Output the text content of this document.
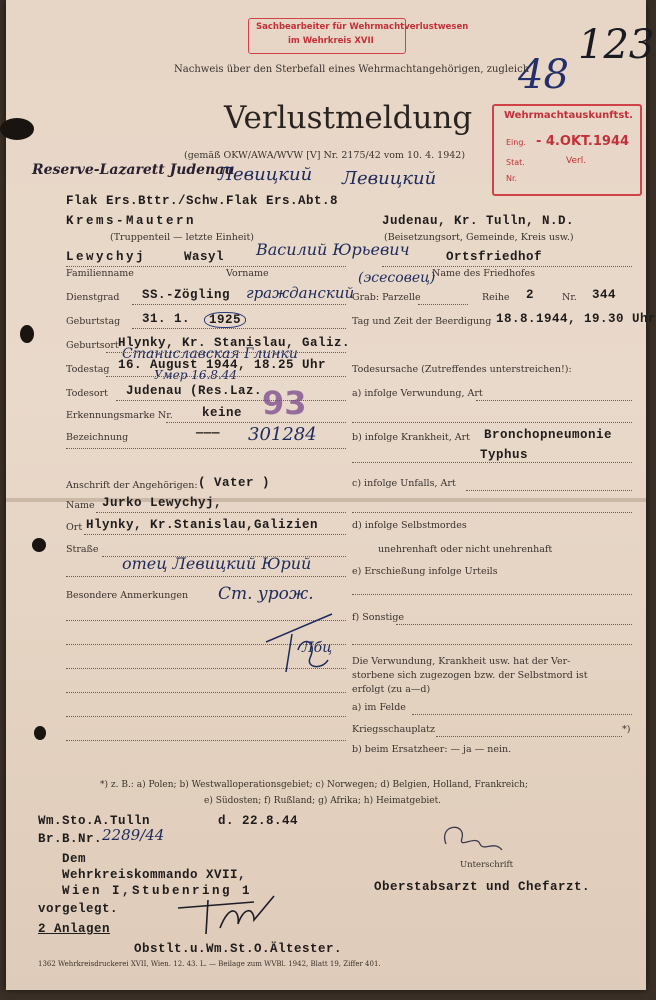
Sachbearbeiter für Wehrmachtverlustwesen
im Wehrkreis XVII
48
123
Nachweis über den Sterbefall eines Wehrmachtangehörigen, zugleich
Verlustmeldung
(gemäß OKW/AWA/WVW [V] Nr. 2175/42 vom 10. 4. 1942)
Wehrmachtauskunftst.
Eing. - 4.OKT.1944
Stat.	Verl.
Nr.
Reserve-Lazarett Judenau
Левицкий Левицкий
Flak Ers.Bttr./Schw.Flak Ers.Abt.8
Krems-Mautern
(Truppenteil — letzte Einheit)
Judenau, Kr. Tulln, N.D.
(Beisetzungsort, Gemeinde, Kreis usw.)
Lewychyj	Wasyl Василий Юрьевич	Ortsfriedhof
Familienname	Vorname	Name des Friedhofes
Dienstgrad SS.-Zögling гражданский
(эсесовец)
Grab: Parzelle	Reihe 2	Nr. 344
Geburtstag 31. 1.	1925	Tag und Zeit der Beerdigung 18.8.1944, 19.30 Uhr
Geburtsort Hlynky, Kr. Stanislau, Galiz.
Станиславская Глинки
Todestag 16. August 1944, 18.25 Uhr
Умер 16.8.44	Todesursache (Zutreffendes unterstreichen!):
Todesort Judenau (Res.Laz.	a) infolge Verwundung, Art
Erkennungsmarke Nr. keine 93
Bezeichnung	——— 301284	b) infolge Krankheit, Art Bronchopneumonie
Typhus
Anschrift der Angehörigen: ( Vater )	c) infolge Unfalls, Art
Name Jurko Lewychyj,
Ort Hlynky, Kr.Stanislau,Galizien	d) infolge Selbstmordes
Straße	unehrenhaft oder nicht unehrenhaft
отец Левицкий Юрий	e) Erschießung infolge Urteils
Besondere Anmerkungen Ст. урож.
f) Sonstige
Лбц
Die Verwundung, Krankheit usw. hat der Ver-
storbene sich zugezogen bzw. der Selbstmord ist
erfolgt (zu a—d)
a) im Felde
Kriegsschauplatz	*)
b) beim Ersatzheer: — ja — nein.
*) z. B.: a) Polen; b) Westwalloperationsgebiet; c) Norwegen; d) Belgien, Holland, Frankreich;
e) Südosten; f) Rußland; g) Afrika; h) Heimatgebiet.
Wm.Sto.A.Tulln	d. 22.8.44
Br.B.Nr. 2289/44
Dem
Wehrkreiskommando XVII,
Wien I,Stubenring 1
vorgelegt.
2 Anlagen
Unterschrift
Oberstabsarzt und Chefarzt.
Obstlt.u.Wm.St.O.Ältester.
1362 Wehrkreisdruckerei XVII, Wien. 12. 43. L. — Beilage zum WVBl. 1942, Blatt 19, Ziffer 401.
